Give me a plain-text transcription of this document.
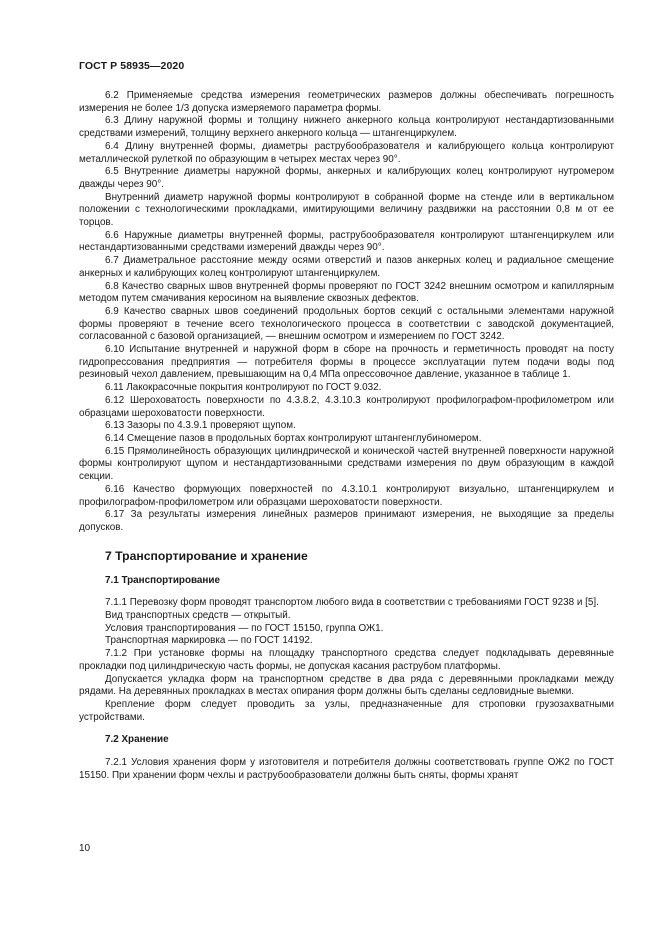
ГОСТ Р 58935—2020

6.2 Применяемые средства измерения геометрических размеров должны обеспечивать погрешность измерения не более 1/3 допуска измеряемого параметра формы.

6.3 Длину наружной формы и толщину нижнего анкерного кольца контролируют нестандартизованными средствами измерений, толщину верхнего анкерного кольца — штангенциркулем.

6.4 Длину внутренней формы, диаметры раструбообразователя и калибрующего кольца контролируют металлической рулеткой по образующим в четырех местах через 90°.

6.5 Внутренние диаметры наружной формы, анкерных и калибрующих колец контролируют нутромером дважды через 90°.

Внутренний диаметр наружной формы контролируют в собранной форме на стенде или в вертикальном положении с технологическими прокладками, имитирующими величину раздвижки на расстоянии 0,8 м от ее торцов.

6.6 Наружные диаметры внутренней формы, раструбообразователя контролируют штангенциркулем или нестандартизованными средствами измерений дважды через 90°.

6.7 Диаметральное расстояние между осями отверстий и пазов анкерных колец и радиальное смещение анкерных и калибрующих колец контролируют штангенциркулем.

6.8 Качество сварных швов внутренней формы проверяют по ГОСТ 3242 внешним осмотром и капиллярным методом путем смачивания керосином на выявление сквозных дефектов.

6.9 Качество сварных швов соединений продольных бортов секций с остальными элементами наружной формы проверяют в течение всего технологического процесса в соответствии с заводской документацией, согласованной с базовой организацией, — внешним осмотром и измерением по ГОСТ 3242.

6.10 Испытание внутренней и наружной форм в сборе на прочность и герметичность проводят на посту гидропрессования предприятия — потребителя формы в процессе эксплуатации путем подачи воды под резиновый чехол давлением, превышающим на 0,4 МПа опрессовочное давление, указанное в таблице 1.

6.11 Лакокрасочные покрытия контролируют по ГОСТ 9.032.

6.12 Шероховатость поверхности по 4.3.8.2, 4.3.10.3 контролируют профилографом-профилометром или образцами шероховатости поверхности.

6.13 Зазоры по 4.3.9.1 проверяют щупом.

6.14 Смещение пазов в продольных бортах контролируют штангенглубиномером.

6.15 Прямолинейность образующих цилиндрической и конической частей внутренней поверхности наружной формы контролируют щупом и нестандартизованными средствами измерения по двум образующим в каждой секции.

6.16 Качество формующих поверхностей по 4.3.10.1 контролируют визуально, штангенциркулем и профилографом-профилометром или образцами шероховатости поверхности.

6.17 За результаты измерения линейных размеров принимают измерения, не выходящие за пределы допусков.

7 Транспортирование и хранение
7.1 Транспортирование

7.1.1 Перевозку форм проводят транспортом любого вида в соответствии с требованиями ГОСТ 9238 и [5].

Вид транспортных средств — открытый.

Условия транспортирования — по ГОСТ 15150, группа ОЖ1.

Транспортная маркировка — по ГОСТ 14192.

7.1.2 При установке формы на площадку транспортного средства следует подкладывать деревянные прокладки под цилиндрическую часть формы, не допуская касания раструбом платформы.

Допускается укладка форм на транспортном средстве в два ряда с деревянными прокладками между рядами. На деревянных прокладках в местах опирания форм должны быть сделаны седловидные выемки.

Крепление форм следует проводить за узлы, предназначенные для строповки грузозахватными устройствами.

7.2 Хранение

7.2.1 Условия хранения форм у изготовителя и потребителя должны соответствовать группе ОЖ2 по ГОСТ 15150. При хранении форм чехлы и раструбообразователи должны быть сняты, формы хранят

10
